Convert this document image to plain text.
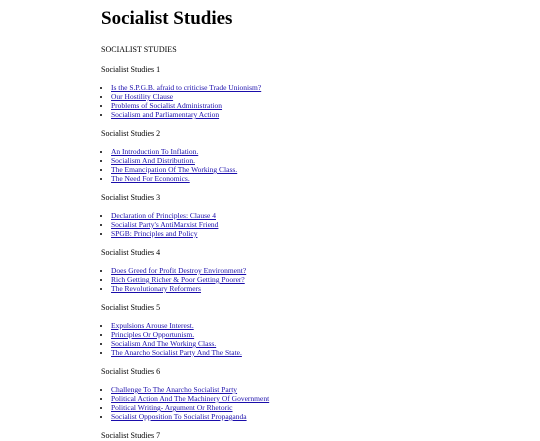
Socialist Studies

SOCIALIST STUDIES

Socialist Studies 1

• Is the S.P.G.B. afraid to criticise Trade Unionism?
• Our Hostility Clause
• Problems of Socialist Administration
• Socialism and Parliamentary Action

Socialist Studies 2

• An Introduction To Inflation.
• Socialism And Distribution.
• The Emancipation Of The Working Class.
• The Need For Economics.

Socialist Studies 3

• Declaration of Principles: Clause 4
• Socialist Party's AntiMarxist Friend
• SPGB: Principles and Policy

Socialist Studies 4

• Does Greed for Profit Destroy Environment?
• Rich Getting Richer & Poor Getting Poorer?
• The Revolutionary Reformers

Socialist Studies 5

• Expulsions Arouse Interest.
• Principles Or Opportunism.
• Socialism And The Working Class.
• The Anarcho Socialist Party And The State.

Socialist Studies 6

• Challenge To The Anarcho Socialist Party
• Political Action And The Machinery Of Government
• Political Writing- Argument Or Rhetoric
• Socialist Opposition To Socialist Propaganda

Socialist Studies 7
